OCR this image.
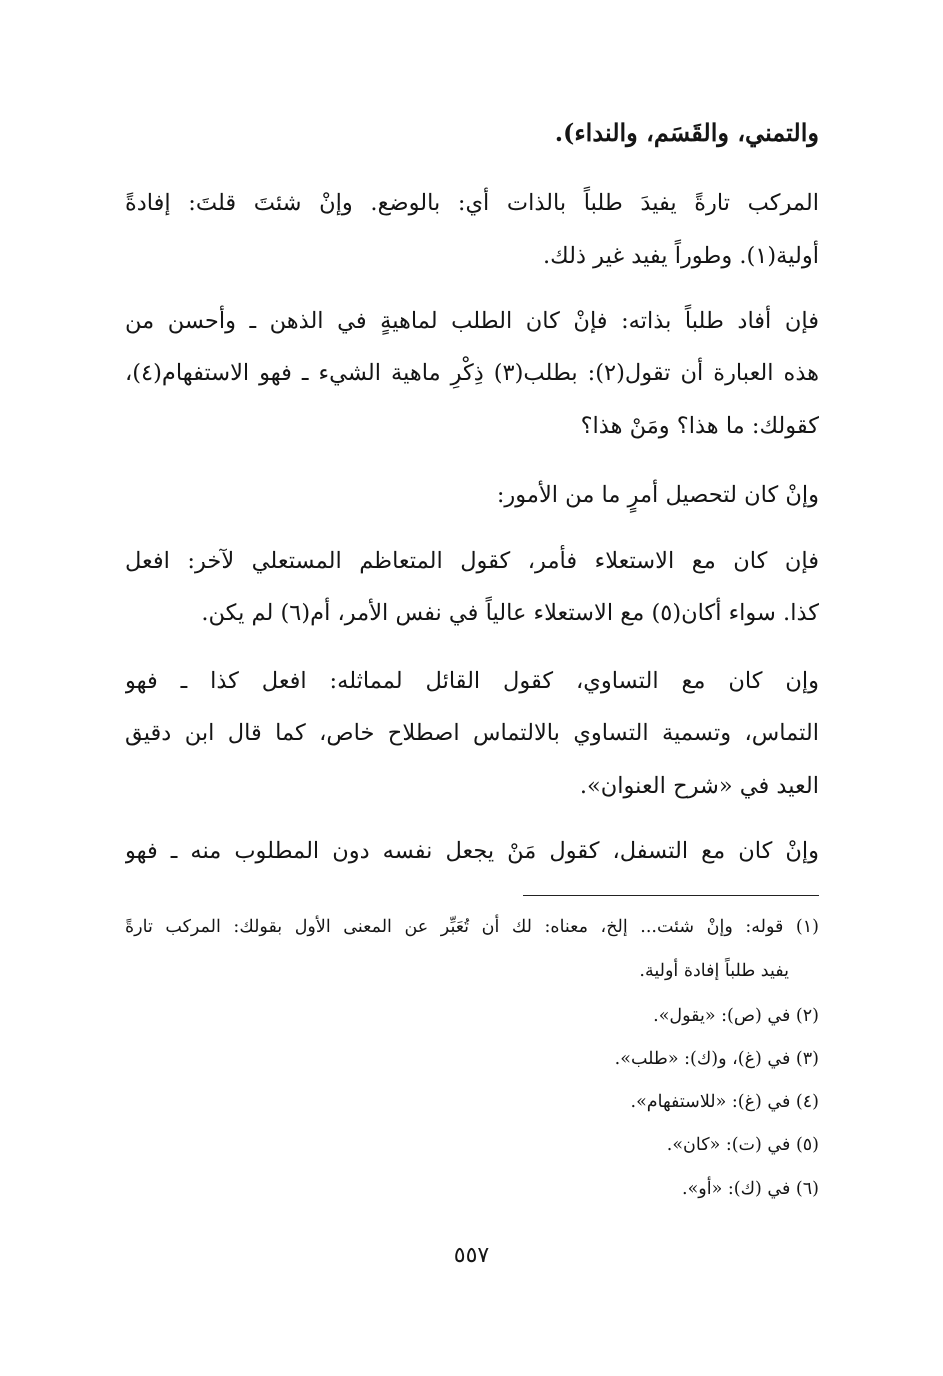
والتمني، والقَسَم، والنداء).
المركب تارةً يفيدَ طلباً بالذات أي: بالوضع. وإنْ شئتَ قلتَ: إفادةً
أولية(١). وطوراً يفيد غير ذلك.
فإن أفاد طلباً بذاته: فإنْ كان الطلب لماهيةٍ في الذهن ـ وأحسن من
هذه العبارة أن تقول(٢): بطلب(٣) ذِكْرِ ماهية الشيء ـ فهو الاستفهام(٤)،
كقولك: ما هذا؟ ومَنْ هذا؟
وإنْ كان لتحصيل أمرٍ ما من الأمور:
فإن كان مع الاستعلاء فأمر، كقول المتعاظم المستعلي لآخر: افعل
كذا. سواء أكان(٥) مع الاستعلاء عالياً في نفس الأمر، أم(٦) لم يكن.
وإن كان مع التساوي، كقول القائل لمماثله: افعل كذا ـ فهو
التماس، وتسمية التساوي بالالتماس اصطلاح خاص، كما قال ابن دقيق
العيد في «شرح العنوان».
وإنْ كان مع التسفل، كقول مَنْ يجعل نفسه دون المطلوب منه ـ فهو
(١) قوله: وإنْ شئت... إلخ، معناه: لك أن تُعَبِّر عن المعنى الأول بقولك: المركب تارةً
يفيد طلباً إفادة أولية.
(٢) في (ص): «يقول».
(٣) في (غ)، و(ك): «طلب».
(٤) في (غ): «للاستفهام».
(٥) في (ت): «كان».
(٦) في (ك): «أو».
٥٥٧
